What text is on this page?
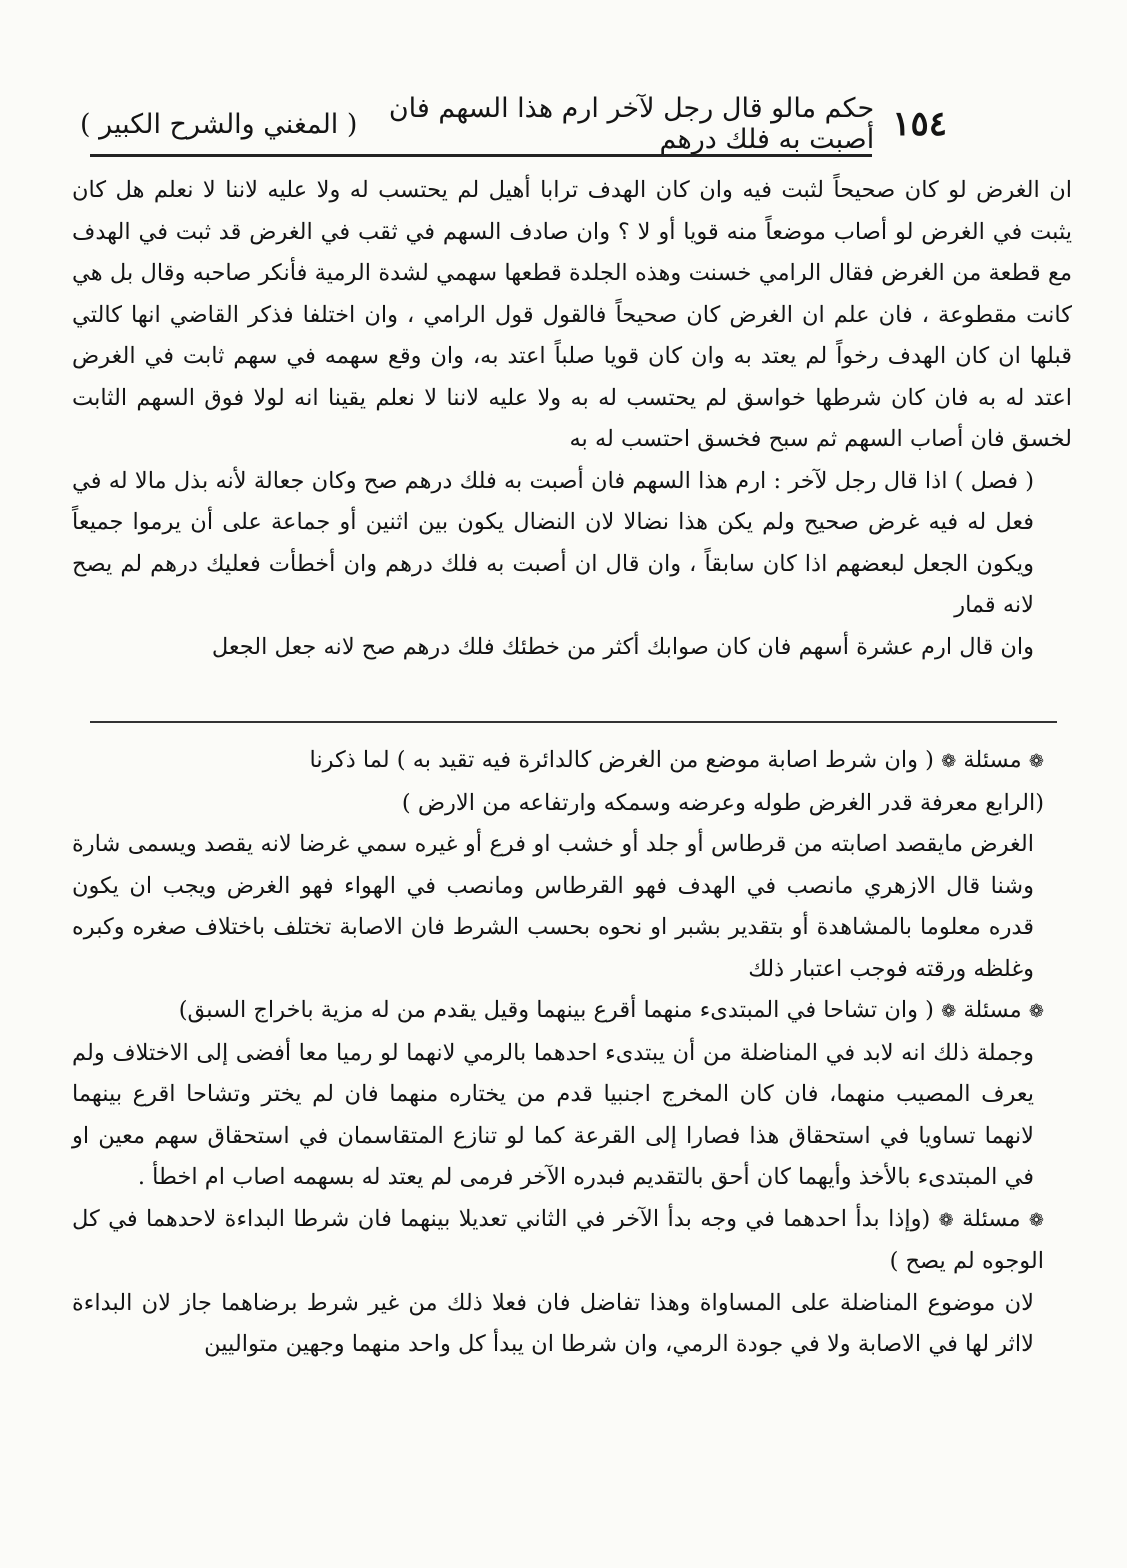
١٥٤
حكم مالو قال رجل لآخر ارم هذا السهم فان أصبت به فلك درهم
( المغني والشرح الكبير )

ان الغرض لو كان صحيحاً لثبت فيه وان كان الهدف ترابا أهيل لم يحتسب له ولا عليه لاننا لا نعلم هل كان يثبت في الغرض لو أصاب موضعاً منه قويا أو لا ؟ وان صادف السهم في ثقب في الغرض قد ثبت في الهدف مع قطعة من الغرض فقال الرامي خسنت وهذه الجلدة قطعها سهمي لشدة الرمية فأنكر صاحبه وقال بل هي كانت مقطوعة ، فان علم ان الغرض كان صحيحاً فالقول قول الرامي ، وان اختلفا فذكر القاضي انها كالتي قبلها ان كان الهدف رخواً لم يعتد به وان كان قويا صلباً اعتد به، وان وقع سهمه في سهم ثابت في الغرض اعتد له به فان كان شرطها خواسق لم يحتسب له به ولا عليه لاننا لا نعلم يقينا انه لولا فوق السهم الثابت لخسق فان أصاب السهم ثم سبح فخسق احتسب له به

( فصل ) اذا قال رجل لآخر : ارم هذا السهم فان أصبت به فلك درهم صح وكان جعالة لأنه بذل مالا له في فعل له فيه غرض صحيح ولم يكن هذا نضالا لان النضال يكون بين اثنين أو جماعة على أن يرموا جميعاً ويكون الجعل لبعضهم اذا كان سابقاً ، وان قال ان أصبت به فلك درهم وان أخطأت فعليك درهم لم يصح لانه قمار

وان قال ارم عشرة أسهم فان كان صوابك أكثر من خطئك فلك درهم صح لانه جعل الجعل

❁ مسئلة ❁ ( وان شرط اصابة موضع من الغرض كالدائرة فيه تقيد به ) لما ذكرنا

(الرابع معرفة قدر الغرض طوله وعرضه وسمكه وارتفاعه من الارض )

الغرض مايقصد اصابته من قرطاس أو جلد أو خشب او فرع أو غيره سمي غرضا لانه يقصد ويسمى شارة وشنا قال الازهري مانصب في الهدف فهو القرطاس ومانصب في الهواء فهو الغرض ويجب ان يكون قدره معلوما بالمشاهدة أو بتقدير بشبر او نحوه بحسب الشرط فان الاصابة تختلف باختلاف صغره وكبره وغلظه ورقته فوجب اعتبار ذلك

❁ مسئلة ❁ ( وان تشاحا في المبتدىء منهما أقرع بينهما وقيل يقدم من له مزية باخراج السبق)

وجملة ذلك انه لابد في المناضلة من أن يبتدىء احدهما بالرمي لانهما لو رميا معا أفضى إلى الاختلاف ولم يعرف المصيب منهما، فان كان المخرج اجنبيا قدم من يختاره منهما فان لم يختر وتشاحا اقرع بينهما لانهما تساويا في استحقاق هذا فصارا إلى القرعة كما لو تنازع المتقاسمان في استحقاق سهم معين او في المبتدىء بالأخذ وأيهما كان أحق بالتقديم فبدره الآخر فرمى لم يعتد له بسهمه اصاب ام اخطأ .

❁ مسئلة ❁ (وإذا بدأ احدهما في وجه بدأ الآخر في الثاني تعديلا بينهما فان شرطا البداءة لاحدهما في كل الوجوه لم يصح )

لان موضوع المناضلة على المساواة وهذا تفاضل فان فعلا ذلك من غير شرط برضاهما جاز لان البداءة لااثر لها في الاصابة ولا في جودة الرمي، وان شرطا ان يبدأ كل واحد منهما وجهين متواليين
